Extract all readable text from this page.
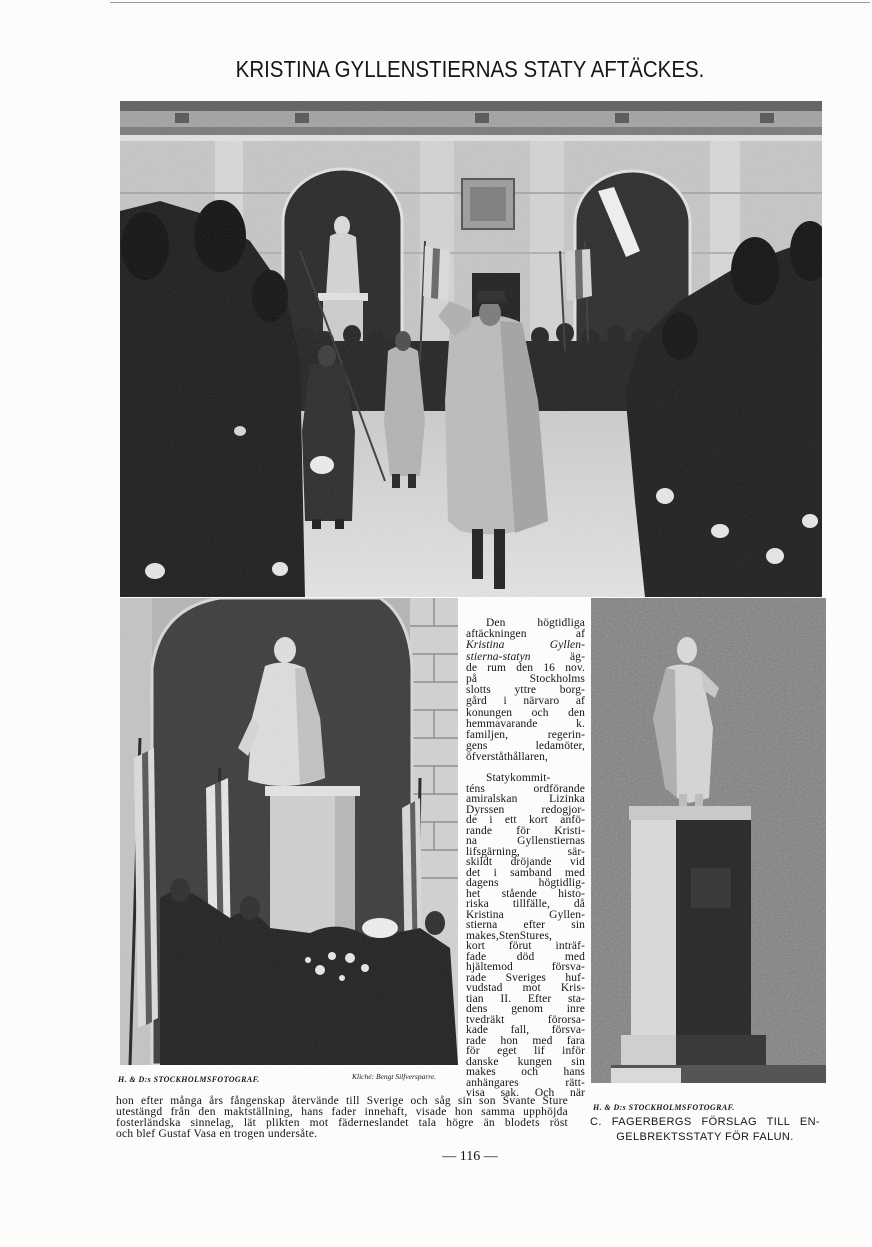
KRISTINA GYLLENSTIERNAS STATY AFTÄCKES.
Den högtidliga
aftäckningen af
Kristina Gyllen-
stierna-statyn	äg-
de rum den 16 nov.
på Stockholms
slotts yttre borg-
gård i närvaro af
konungen och den
hemmavarande k.
familjen, regerin-
gens ledamöter,
öfverståthållaren,
Statykommit-
téns ordförande
amiralskan Lizinka
Dyrssen redogjor-
de i ett kort anfö-
rande för Kristi-
na Gyllenstiernas
lifsgärning, sär-
skildt dröjande vid
det i samband med
dagens högtidlig-
het stående histo-
riska tillfälle, då
Kristina Gyllen-
stierna efter sin
makes,StenStures,
kort förut inträf-
fade död med
hjältemod försva-
rade Sveriges huf-
vudstad mot Kris-
tian II. Efter sta-
dens genom inre
tvedräkt förorsa-
kade fall, försva-
rade hon med fara
för eget lif inför
danske kungen sin
makes och hans
anhängares rätt-
visa sak. Och när
hon efter många års fångenskap återvände till Sverige och såg sin son Svante Sture
utestängd från den maktställning, hans fader innehaft, visade hon samma upphöjda
fosterländska sinnelag, lät plikten mot fäderneslandet tala högre än blodets röst
och blef Gustaf Vasa en trogen undersåte.
H. & D:s STOCKHOLMSFOTOGRAF.	Kliché: Bengt Silfversparre.
H. & D:s STOCKHOLMSFOTOGRAF.
C. FAGERBERGS FÖRSLAG TILL EN-
GELBREKTSSTATY FÖR FALUN.
— 116 —
